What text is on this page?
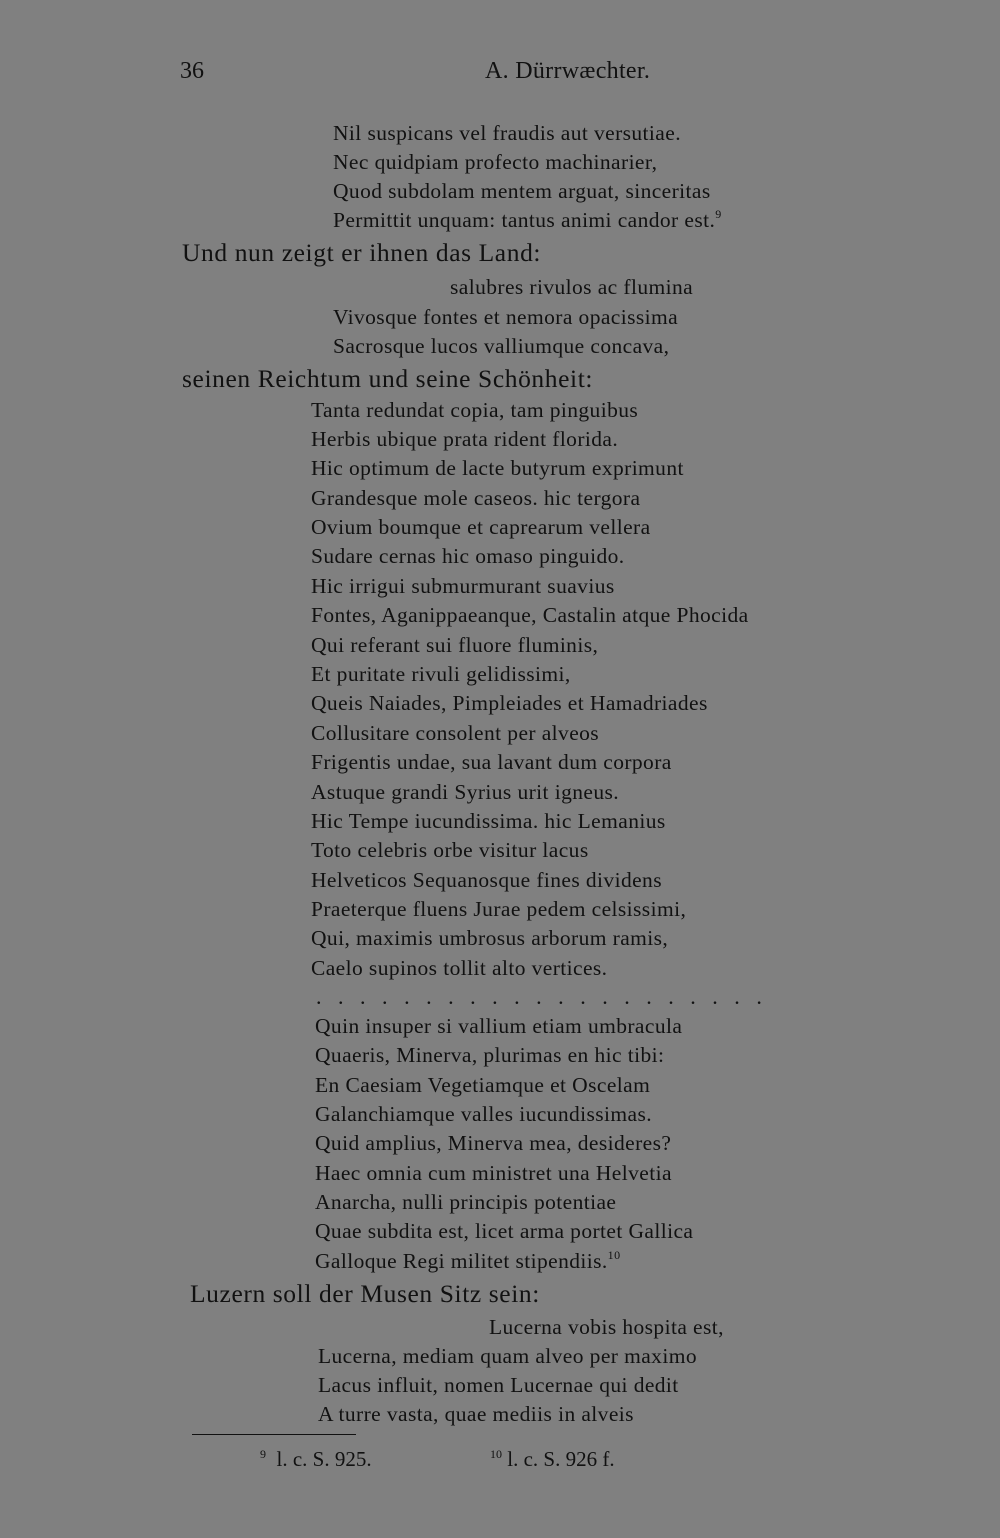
36	A. Dürrwæchter.
Nil suspicans vel fraudis aut versutiae.
Nec quidpiam profecto machinarier,
Quod subdolam mentem arguat, sinceritas
Permittit unquam: tantus animi candor est.$^9$
Und nun zeigt er ihnen das Land:
salubres rivulos ac flumina
Vivosque fontes et nemora opacissima
Sacrosque lucos valliumque concava,
seinen Reichtum und seine Schönheit:
Tanta redundat copia, tam pinguibus
Herbis ubique prata rident florida.
Hic optimum de lacte butyrum exprimunt
Grandesque mole caseos. hic tergora
Ovium boumque et caprearum vellera
Sudare cernas hic omaso pinguido.
Hic irrigui submurmurant suavius
Fontes, Aganippaeanque, Castalin atque Phocida
Qui referant sui fluore fluminis,
Et puritate rivuli gelidissimi,
Queis Naiades, Pimpleiades et Hamadriades
Collusitare consolent per alveos
Frigentis undae, sua lavant dum corpora
Astuque grandi Syrius urit igneus.
Hic Tempe iucundissima. hic Lemanius
Toto celebris orbe visitur lacus
Helveticos Sequanosque fines dividens
Praeterque fluens Jurae pedem celsissimi,
Qui, maximis umbrosus arborum ramis,
Caelo supinos tollit alto vertices.
. . . . . . . . . . . . . . . . . . . . .
Quin insuper si vallium etiam umbracula
Quaeris, Minerva, plurimas en hic tibi:
En Caesiam Vegetiamque et Oscelam
Galanchiamque valles iucundissimas.
Quid amplius, Minerva mea, desideres?
Haec omnia cum ministret una Helvetia
Anarcha, nulli principis potentiae
Quae subdita est, licet arma portet Gallica
Galloque Regi militet stipendiis.$^{10}$
Luzern soll der Musen Sitz sein:
Lucerna vobis hospita est,
Lucerna, mediam quam alveo per maximo
Lacus influit, nomen Lucernae qui dedit
A turre vasta, quae mediis in alveis
$^9$ l. c. S. 925.	$^{10}$ l. c. S. 926 f.
